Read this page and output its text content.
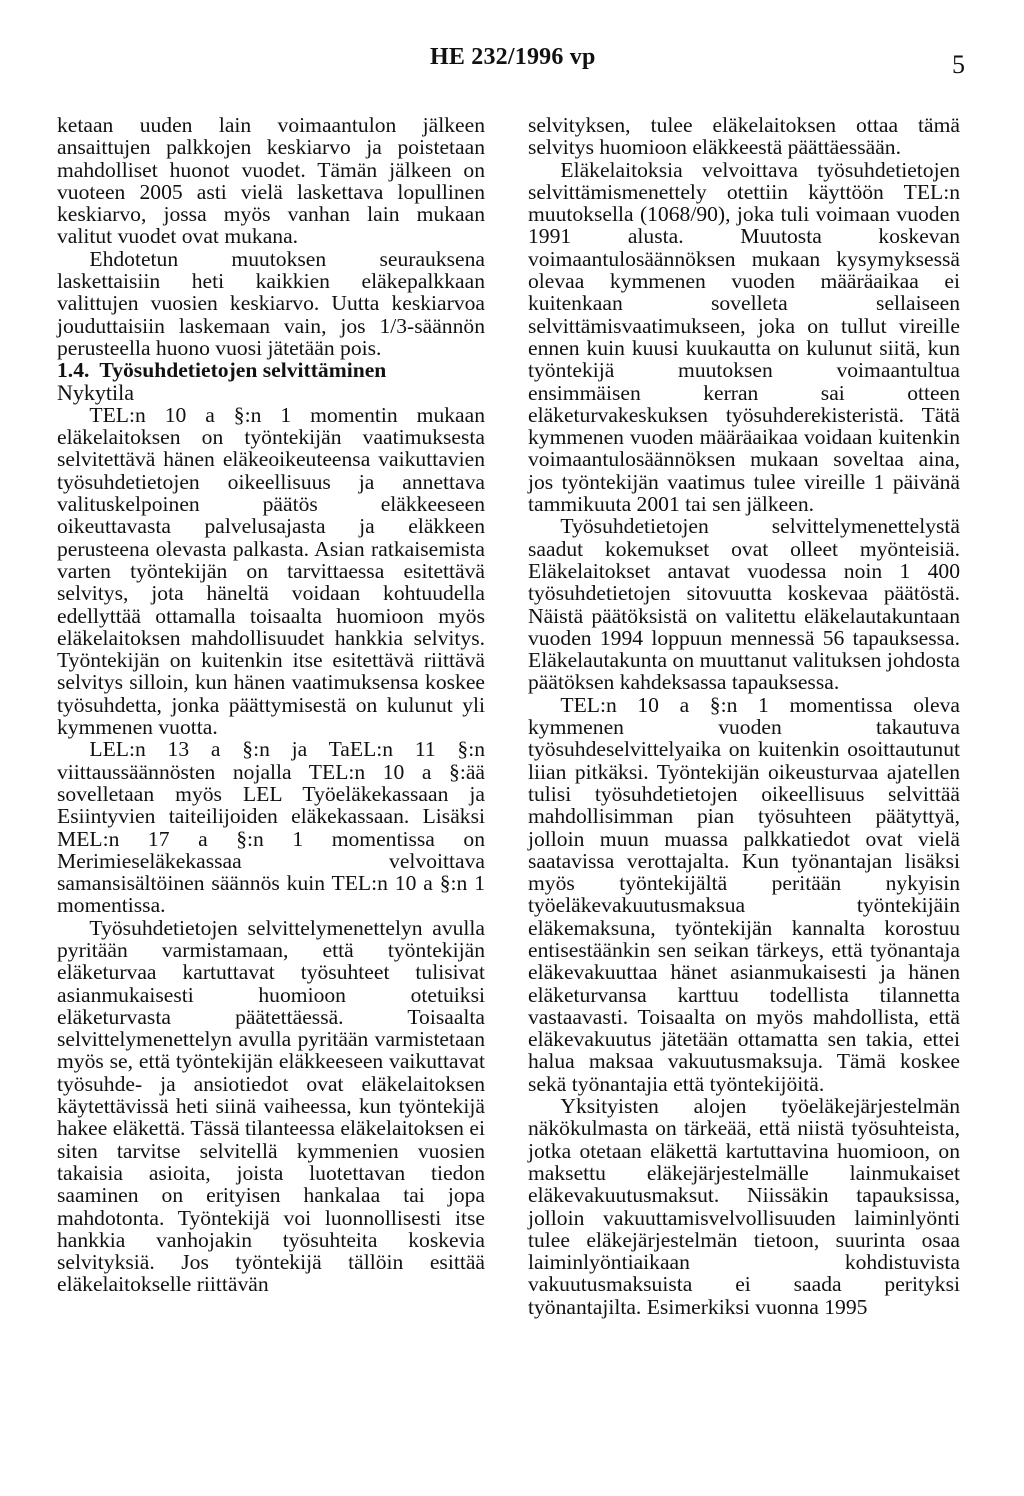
HE 232/1996 vp	5

ketaan uuden lain voimaantulon jälkeen ansaittujen palkkojen keskiarvo ja poistetaan mahdolliset huonot vuodet. Tämän jälkeen on vuoteen 2005 asti vielä laskettava lopullinen keskiarvo, jossa myös vanhan lain mukaan valitut vuodet ovat mukana.

Ehdotetun muutoksen seurauksena laskettaisiin heti kaikkien eläkepalkkaan valittujen vuosien keskiarvo. Uutta keskiarvoa jouduttaisiin laskemaan vain, jos 1/3-säännön perusteella huono vuosi jätetään pois.

1.4. Työsuhdetietojen selvittäminen

Nykytila

TEL:n 10 a §:n 1 momentin mukaan eläkelaitoksen on työntekijän vaatimuksesta selvitettävä hänen eläkeoikeuteensa vaikuttavien työsuhdetietojen oikeellisuus ja annettava valituskelpoinen päätös eläkkeeseen oikeuttavasta palvelusajasta ja eläkkeen perusteena olevasta palkasta. Asian ratkaisemista varten työntekijän on tarvittaessa esitettävä selvitys, jota häneltä voidaan kohtuudella edellyttää ottamalla toisaalta huomioon myös eläkelaitoksen mahdollisuudet hankkia selvitys. Työntekijän on kuitenkin itse esitettävä riittävä selvitys silloin, kun hänen vaatimuksensa koskee työsuhdetta, jonka päättymisestä on kulunut yli kymmenen vuotta.

LEL:n 13 a §:n ja TaEL:n 11 §:n viittaussäännösten nojalla TEL:n 10 a §:ää sovelletaan myös LEL Työeläkekassaan ja Esiintyvien taiteilijoiden eläkekassaan. Lisäksi MEL:n 17 a §:n 1 momentissa on Merimieseläkekassaa velvoittava samansisältöinen säännös kuin TEL:n 10 a §:n 1 momentissa.

Työsuhdetietojen selvittelymenettelyn avulla pyritään varmistamaan, että työntekijän eläketurvaa kartuttavat työsuhteet tulisivat asianmukaisesti huomioon otetuiksi eläketurvasta päätettäessä. Toisaalta selvittelymenettelyn avulla pyritään varmistetaan myös se, että työntekijän eläkkeeseen vaikuttavat työsuhde- ja ansiotiedot ovat eläkelaitoksen käytettävissä heti siinä vaiheessa, kun työntekijä hakee eläkettä. Tässä tilanteessa eläkelaitoksen ei siten tarvitse selvitellä kymmenien vuosien takaisia asioita, joista luotettavan tiedon saaminen on erityisen hankalaa tai jopa mahdotonta. Työntekijä voi luonnollisesti itse hankkia vanhojakin työsuhteita koskevia selvityksiä. Jos työntekijä tällöin esittää eläkelaitokselle riittävän

selvityksen, tulee eläkelaitoksen ottaa tämä selvitys huomioon eläkkeestä päättäessään.

Eläkelaitoksia velvoittava työsuhdetietojen selvittämismenettely otettiin käyttöön TEL:n muutoksella (1068/90), joka tuli voimaan vuoden 1991 alusta. Muutosta koskevan voimaantulosäännöksen mukaan kysymyksessä olevaa kymmenen vuoden määräaikaa ei kuitenkaan sovelleta sellaiseen selvittämisvaatimukseen, joka on tullut vireille ennen kuin kuusi kuukautta on kulunut siitä, kun työntekijä muutoksen voimaantultua ensimmäisen kerran sai otteen eläketurvakeskuksen työsuhderekisteristä. Tätä kymmenen vuoden määräaikaa voidaan kuitenkin voimaantulosäännöksen mukaan soveltaa aina, jos työntekijän vaatimus tulee vireille 1 päivänä tammikuuta 2001 tai sen jälkeen.

Työsuhdetietojen selvittelymenettelystä saadut kokemukset ovat olleet myönteisiä. Eläkelaitokset antavat vuodessa noin 1 400 työsuhdetietojen sitovuutta koskevaa päätöstä. Näistä päätöksistä on valitettu eläkelautakuntaan vuoden 1994 loppuun mennessä 56 tapauksessa. Eläkelautakunta on muuttanut valituksen johdosta päätöksen kahdeksassa tapauksessa.

TEL:n 10 a §:n 1 momentissa oleva kymmenen vuoden takautuva työsuhdeselvittelyaika on kuitenkin osoittautunut liian pitkäksi. Työntekijän oikeusturvaa ajatellen tulisi työsuhdetietojen oikeellisuus selvittää mahdollisimman pian työsuhteen päätyttyä, jolloin muun muassa palkkatiedot ovat vielä saatavissa verottajalta. Kun työnantajan lisäksi myös työntekijältä peritään nykyisin työeläkevakuutusmaksua työntekijäin eläkemaksuna, työntekijän kannalta korostuu entisestäänkin sen seikan tärkeys, että työnantaja eläkevakuuttaa hänet asianmukaisesti ja hänen eläketurvansa karttuu todellista tilannetta vastaavasti. Toisaalta on myös mahdollista, että eläkevakuutus jätetään ottamatta sen takia, ettei halua maksaa vakuutusmaksuja. Tämä koskee sekä työnantajia että työntekijöitä.

Yksityisten alojen työeläkejärjestelmän näkökulmasta on tärkeää, että niistä työsuhteista, jotka otetaan eläkettä kartuttavina huomioon, on maksettu eläkejärjestelmälle lainmukaiset eläkevakuutusmaksut. Niissäkin tapauksissa, jolloin vakuuttamisvelvollisuuden laiminlyönti tulee eläkejärjestelmän tietoon, suurinta osaa laiminlyöntiaikaan kohdistuvista vakuutusmaksuista ei saada perityksi työnantajilta. Esimerkiksi vuonna 1995
